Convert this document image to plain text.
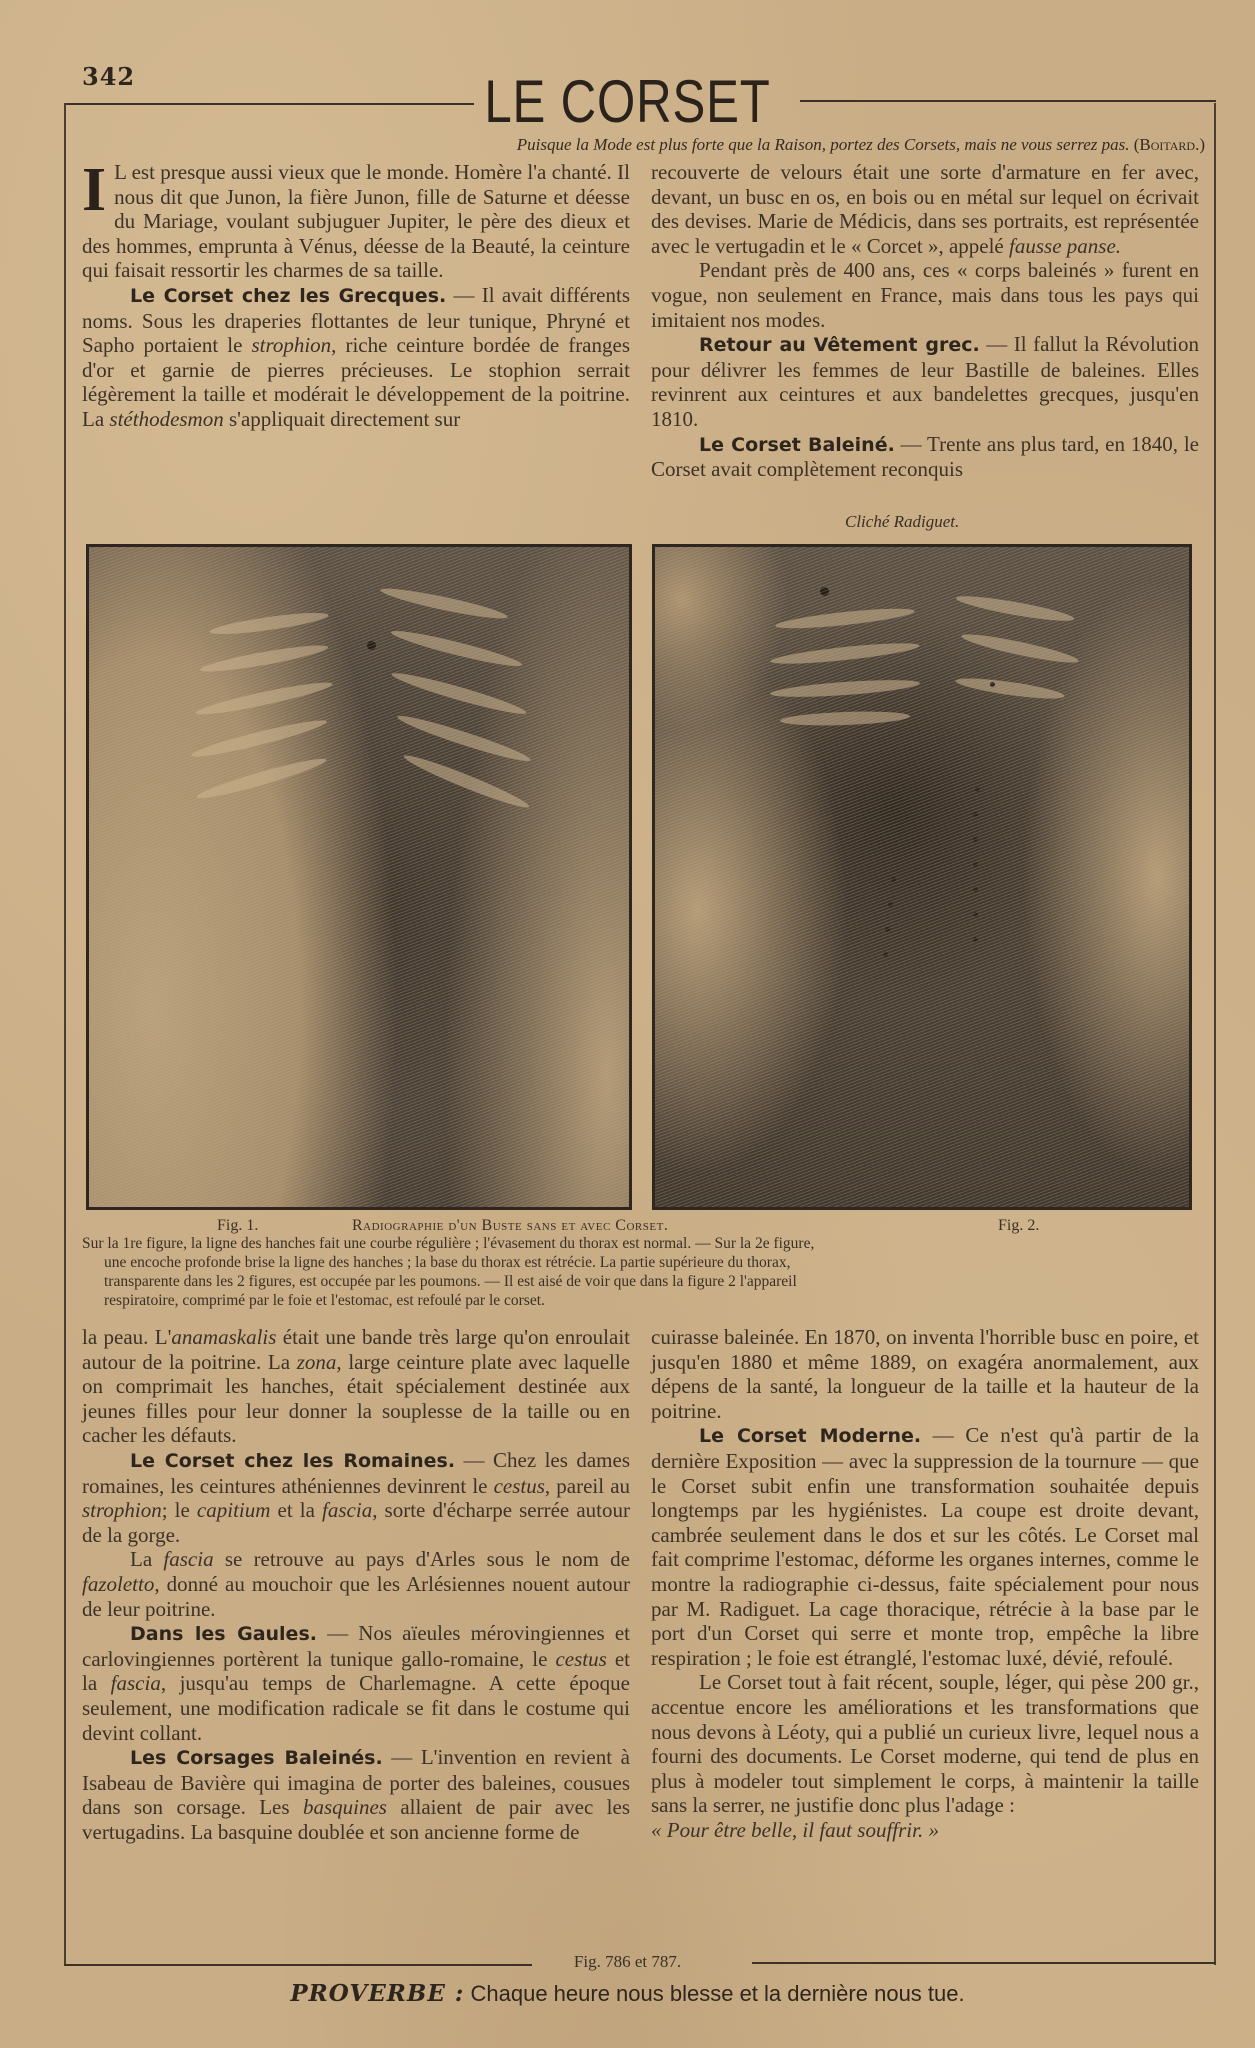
342	LE CORSET
Puisque la Mode est plus forte que la Raison, portez des Corsets, mais ne vous serrez pas. (Boitard.)

I L est presque aussi vieux que le monde. Homère l'a chanté. Il nous dit que Junon, la fière Junon, fille de Saturne et déesse du Mariage, voulant subjuguer Jupiter, le père des dieux et des hommes, emprunta à Vénus, déesse de la Beauté, la ceinture qui faisait ressortir les charmes de sa taille.

Le Corset chez les Grecques. — Il avait différents noms. Sous les draperies flottantes de leur tunique, Phryné et Sapho portaient le strophion, riche ceinture bordée de franges d'or et garnie de pierres précieuses. Le stophion serrait légèrement la taille et modérait le développement de la poitrine. La stéthodesmon s'appliquait directement sur

recouverte de velours était une sorte d'armature en fer avec, devant, un busc en os, en bois ou en métal sur lequel on écrivait des devises. Marie de Médicis, dans ses portraits, est représentée avec le vertugadin et le « Corcet », appelé fausse panse.

Pendant près de 400 ans, ces « corps baleinés » furent en vogue, non seulement en France, mais dans tous les pays qui imitaient nos modes.

Retour au Vêtement grec. — Il fallut la Révolution pour délivrer les femmes de leur Bastille de baleines. Elles revinrent aux ceintures et aux bandelettes grecques, jusqu'en 1810.

Le Corset Baleiné. — Trente ans plus tard, en 1840, le Corset avait complètement reconquis

Cliché Radiguet.
Fig. 1.	Radiographie d'un Buste sans et avec Corset.	Fig. 2.
Sur la 1re figure, la ligne des hanches fait une courbe régulière ; l'évasement du thorax est normal. — Sur la 2e figure,
une encoche profonde brise la ligne des hanches ; la base du thorax est rétrécie. La partie supérieure du thorax,
transparente dans les 2 figures, est occupée par les poumons. — Il est aisé de voir que dans la figure 2 l'appareil
respiratoire, comprimé par le foie et l'estomac, est refoulé par le corset.

la peau. L'anamaskalis était une bande très large qu'on enroulait autour de la poitrine. La zona, large ceinture plate avec laquelle on comprimait les hanches, était spécialement destinée aux jeunes filles pour leur donner la souplesse de la taille ou en cacher les défauts.

Le Corset chez les Romaines. — Chez les dames romaines, les ceintures athéniennes devinrent le cestus, pareil au strophion; le capitium et la fascia, sorte d'écharpe serrée autour de la gorge.

La fascia se retrouve au pays d'Arles sous le nom de fazoletto, donné au mouchoir que les Arlésiennes nouent autour de leur poitrine.

Dans les Gaules. — Nos aïeules mérovingiennes et carlovingiennes portèrent la tunique gallo-romaine, le cestus et la fascia, jusqu'au temps de Charlemagne. A cette époque seulement, une modification radicale se fit dans le costume qui devint collant.

Les Corsages Baleinés. — L'invention en revient à Isabeau de Bavière qui imagina de porter des baleines, cousues dans son corsage. Les basquines allaient de pair avec les vertugadins. La basquine doublée et son ancienne forme de

cuirasse baleinée. En 1870, on inventa l'horrible busc en poire, et jusqu'en 1880 et même 1889, on exagéra anormalement, aux dépens de la santé, la longueur de la taille et la hauteur de la poitrine.

Le Corset Moderne. — Ce n'est qu'à partir de la dernière Exposition — avec la suppression de la tournure — que le Corset subit enfin une transformation souhaitée depuis longtemps par les hygiénistes. La coupe est droite devant, cambrée seulement dans le dos et sur les côtés. Le Corset mal fait comprime l'estomac, déforme les organes internes, comme le montre la radiographie ci-dessus, faite spécialement pour nous par M. Radiguet. La cage thoracique, rétrécie à la base par le port d'un Corset qui serre et monte trop, empêche la libre respiration ; le foie est étranglé, l'estomac luxé, dévié, refoulé.

Le Corset tout à fait récent, souple, léger, qui pèse 200 gr., accentue encore les améliorations et les transformations que nous devons à Léoty, qui a publié un curieux livre, lequel nous a fourni des documents. Le Corset moderne, qui tend de plus en plus à modeler tout simplement le corps, à maintenir la taille sans la serrer, ne justifie donc plus l'adage :

« Pour être belle, il faut souffrir. »

Fig. 786 et 787.
PROVERBE : Chaque heure nous blesse et la dernière nous tue.
